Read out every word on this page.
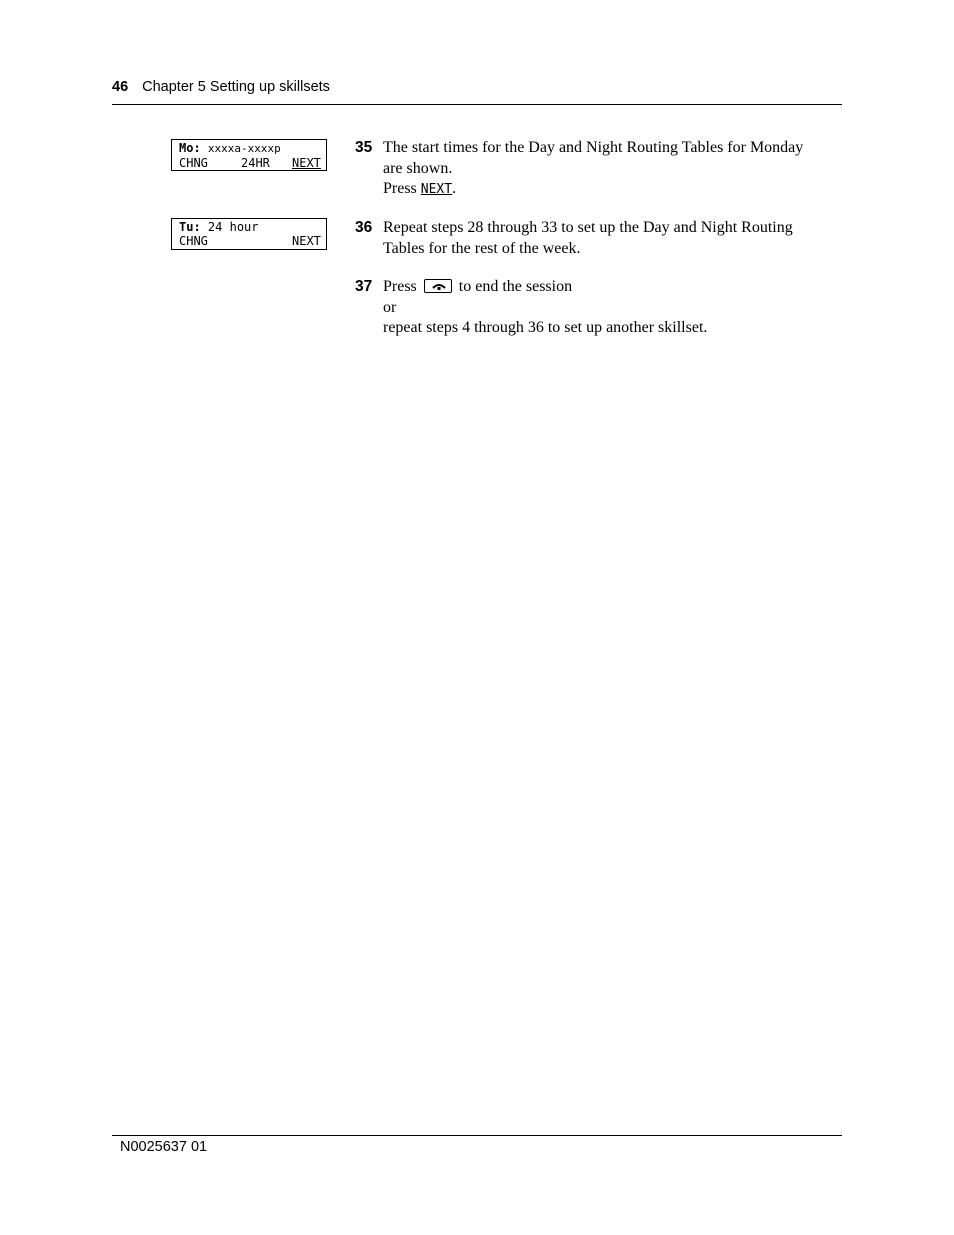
46 Chapter 5 Setting up skillsets
Mo: xxxxa-xxxxp

CHNG

	24HR

NEXT

Tu: 24 hour

CHNG

	NEXT

35 The start times for the Day and Night Routing Tables for Monday
are shown.
Press NEXT.
36 Repeat steps 28 through 33 to set up the Day and Night Routing
Tables for the rest of the week.
37 Press	to end the session
or
repeat steps 4 through 36 to set up another skillset.
N0025637 01
